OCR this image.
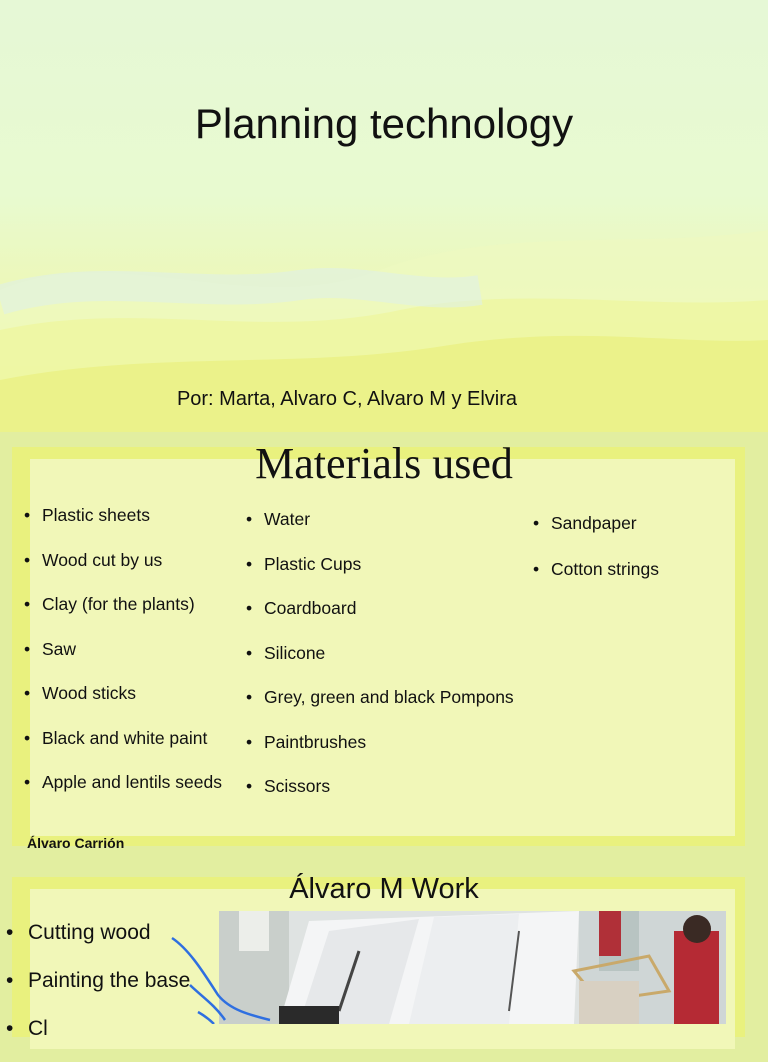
Planning technology
Por: Marta, Alvaro C, Alvaro M y Elvira
Materials used
• Plastic sheets
• Wood cut by us
• Clay (for the plants)
• Saw
• Wood sticks
• Black and white paint
• Apple and lentils seeds
• Water
• Plastic Cups
• Coardboard
• Silicone
• Grey, green and black Pompons
• Paintbrushes
• Scissors
• Sandpaper
• Cotton strings
Álvaro Carrión
Álvaro M Work
• Cutting wood
• Painting the base
• Cl
